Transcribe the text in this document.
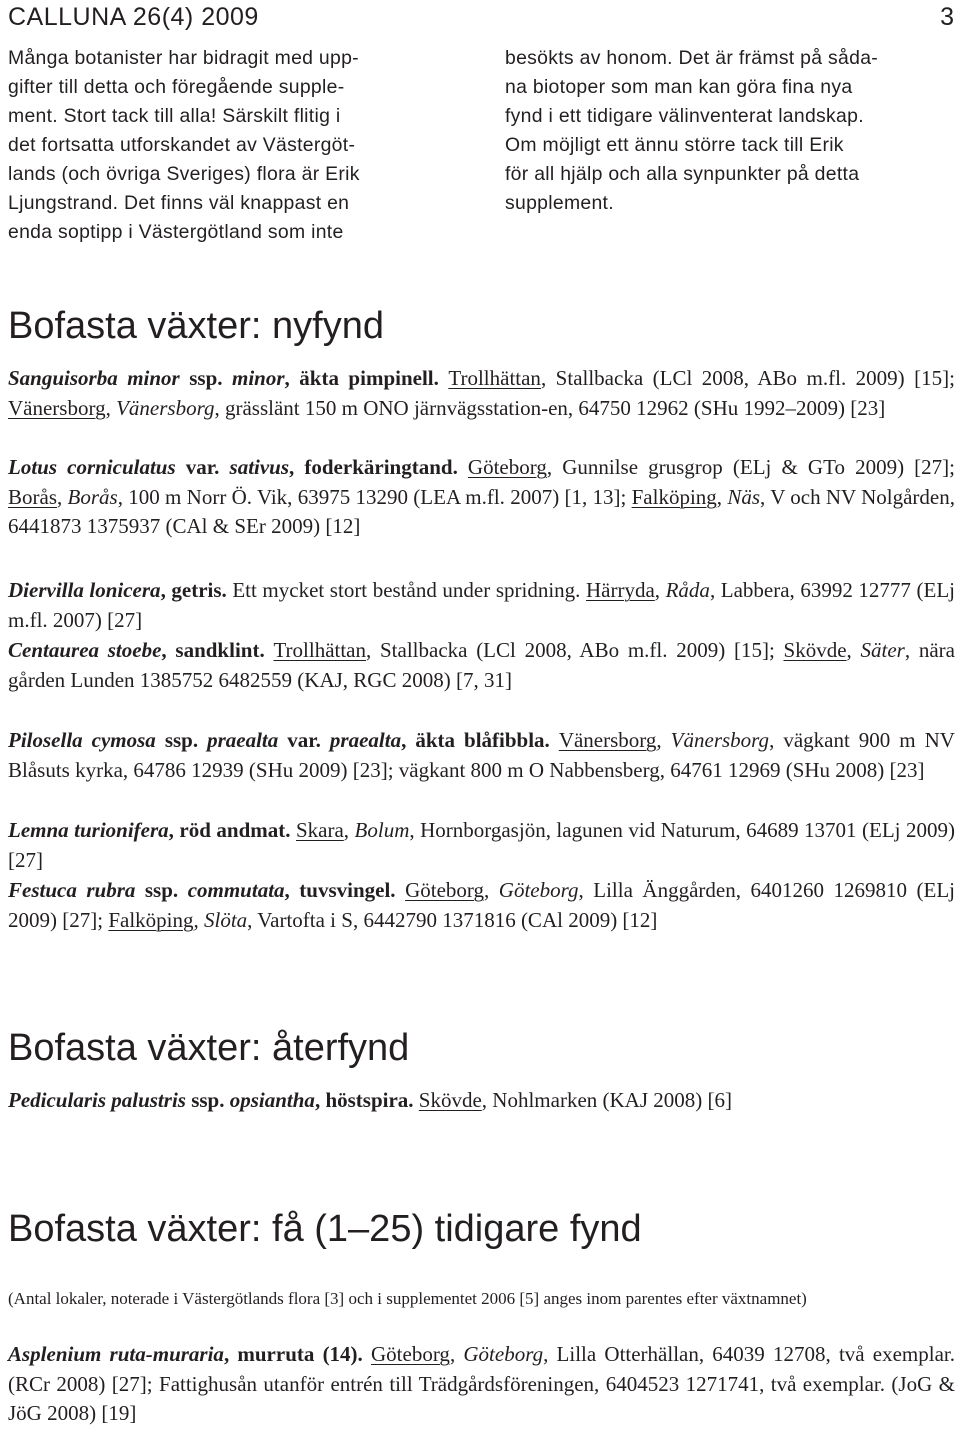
CALLUNA 26(4) 2009	3
Många botanister har bidragit med upp-
gifter till detta och föregående supple-
ment. Stort tack till alla! Särskilt flitig i
det fortsatta utforskandet av Västergöt-
lands (och övriga Sveriges) flora är Erik
Ljungstrand. Det finns väl knappast en
enda soptipp i Västergötland som inte
besökts av honom. Det är främst på såda-
na biotoper som man kan göra fina nya
fynd i ett tidigare välinventerat landskap.
Om möjligt ett ännu större tack till Erik
för all hjälp och alla synpunkter på detta
supplement.
Bofasta växter: nyfynd
Sanguisorba minor ssp. minor, äkta pimpinell. Trollhättan, Stallbacka (LCl 2008, ABo m.fl. 2009) [15]; Vänersborg, Vänersborg, grässlänt 150 m ONO järnvägsstation-en, 64750 12962 (SHu 1992–2009) [23]
Lotus corniculatus var. sativus, foderkäringtand. Göteborg, Gunnilse grusgrop (ELj & GTo 2009) [27]; Borås, Borås, 100 m Norr Ö. Vik, 63975 13290 (LEA m.fl. 2007) [1, 13]; Falköping, Näs, V och NV Nolgården, 6441873 1375937 (CAl & SEr 2009) [12]
Diervilla lonicera, getris. Ett mycket stort bestånd under spridning. Härryda, Råda, Labbera, 63992 12777 (ELj m.fl. 2007) [27]
Centaurea stoebe, sandklint. Trollhättan, Stallbacka (LCl 2008, ABo m.fl. 2009) [15]; Skövde, Säter, nära gården Lunden 1385752 6482559 (KAJ, RGC 2008) [7, 31]
Pilosella cymosa ssp. praealta var. praealta, äkta blåfibbla. Vänersborg, Vänersborg, vägkant 900 m NV Blåsuts kyrka, 64786 12939 (SHu 2009) [23]; vägkant 800 m O Nabbensberg, 64761 12969 (SHu 2008) [23]
Lemna turionifera, röd andmat. Skara, Bolum, Hornborgasjön, lagunen vid Naturum, 64689 13701 (ELj 2009) [27]
Festuca rubra ssp. commutata, tuvsvingel. Göteborg, Göteborg, Lilla Änggården, 6401260 1269810 (ELj 2009) [27]; Falköping, Slöta, Vartofta i S, 6442790 1371816 (CAl 2009) [12]
Bofasta växter: återfynd
Pedicularis palustris ssp. opsiantha, höstspira. Skövde, Nohlmarken (KAJ 2008) [6]
Bofasta växter: få (1–25) tidigare fynd
(Antal lokaler, noterade i Västergötlands flora [3] och i supplementet 2006 [5] anges inom parentes efter växtnamnet)
Asplenium ruta-muraria, murruta (14). Göteborg, Göteborg, Lilla Otterhällan, 64039 12708, två exemplar. (RCr 2008) [27]; Fattighusån utanför entrén till Trädgårdsföreningen, 6404523 1271741, två exemplar. (JoG & JöG 2008) [19]
